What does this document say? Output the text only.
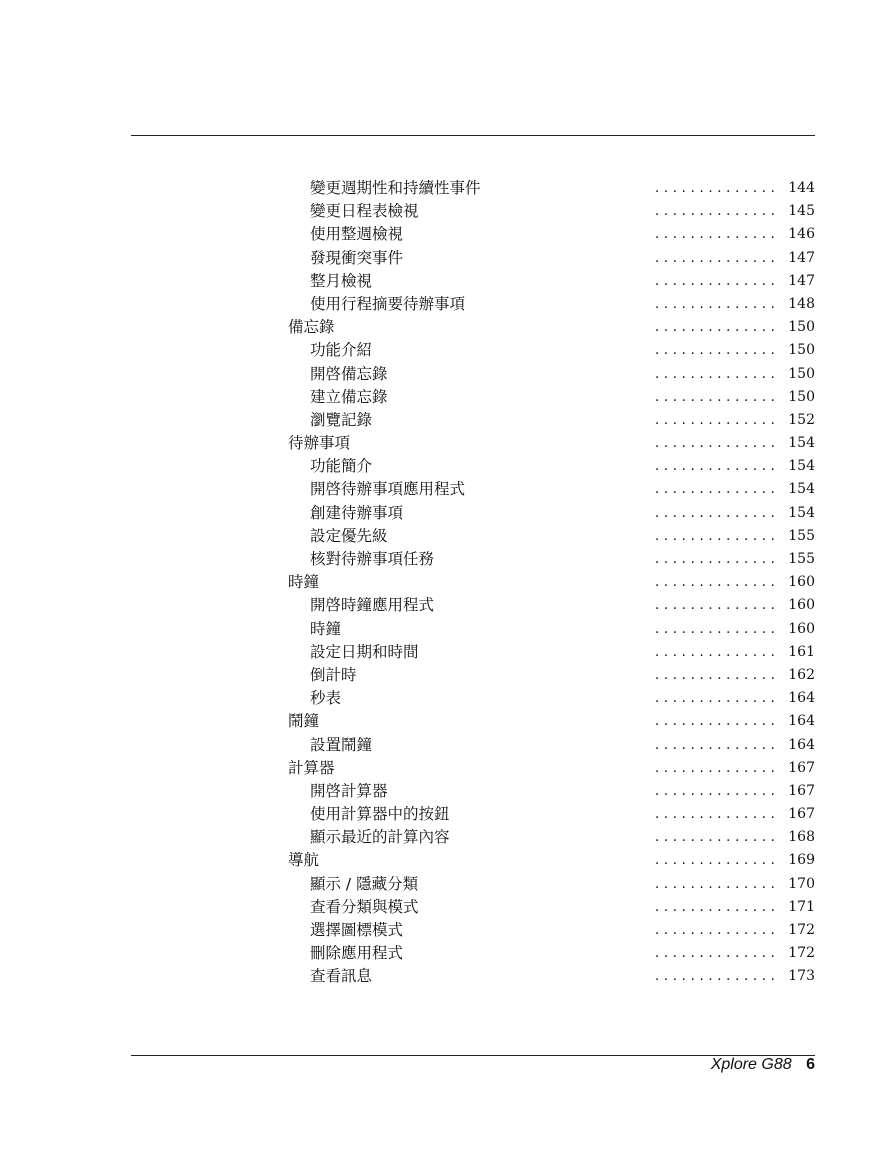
. . . . . . . . . . . . . .
變更週期性和持續性事件	144
. . . . . . . . . . . . . .
變更日程表檢視	145
. . . . . . . . . . . . . .
使用整週檢視	146
. . . . . . . . . . . . . .
發現衝突事件	147
. . . . . . . . . . . . . .
整月檢視	147
. . . . . . . . . . . . . .
使用行程摘要待辦事項	148
. . . . . . . . . . . . . .
備忘錄	150
. . . . . . . . . . . . . .
功能介紹	150
. . . . . . . . . . . . . .
開啓備忘錄	150
. . . . . . . . . . . . . .
建立備忘錄	150
. . . . . . . . . . . . . .
瀏覽記錄	152
. . . . . . . . . . . . . .
待辦事項	154
. . . . . . . . . . . . . .
功能簡介	154
. . . . . . . . . . . . . .
開啓待辦事項應用程式	154
. . . . . . . . . . . . . .
創建待辦事項	154
. . . . . . . . . . . . . .
設定優先級	155
. . . . . . . . . . . . . .
核對待辦事項任務	155
. . . . . . . . . . . . . .
時鐘	160
. . . . . . . . . . . . . .
開啓時鐘應用程式	160
. . . . . . . . . . . . . .
時鐘	160
. . . . . . . . . . . . . .
設定日期和時間	161
. . . . . . . . . . . . . .
倒計時	162
. . . . . . . . . . . . . .
秒表	164
. . . . . . . . . . . . . .
鬧鐘	164
. . . . . . . . . . . . . .
設置鬧鐘	164
. . . . . . . . . . . . . .
計算器	167
. . . . . . . . . . . . . .
開啓計算器	167
. . . . . . . . . . . . . .
使用計算器中的按鈕	167
. . . . . . . . . . . . . .
顯示最近的計算內容	168
. . . . . . . . . . . . . .
導航	169
. . . . . . . . . . . . . .
顯示 / 隱藏分類	170
. . . . . . . . . . . . . .
查看分類與模式	171
. . . . . . . . . . . . . .
選擇圖標模式	172
. . . . . . . . . . . . . .
刪除應用程式	172
. . . . . . . . . . . . . .
查看訊息	173
Xplore G88 6
